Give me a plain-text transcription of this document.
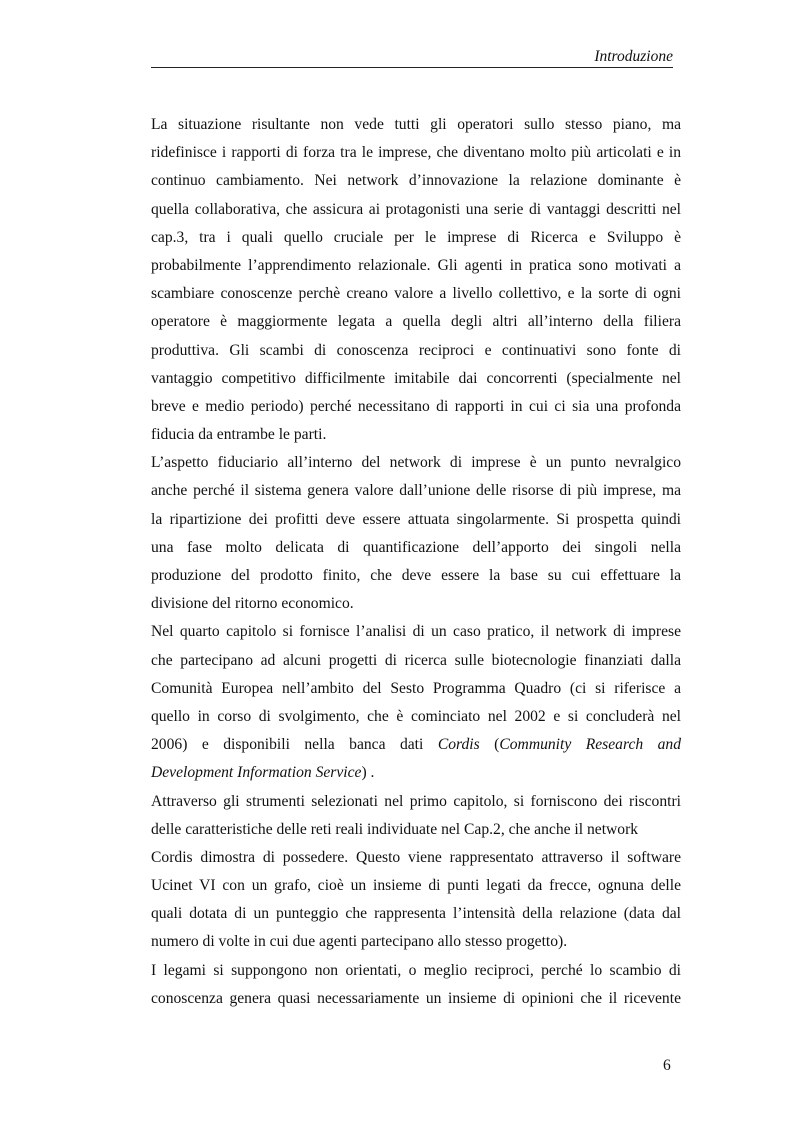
Introduzione
La situazione risultante non vede tutti gli operatori sullo stesso piano, ma
ridefinisce i rapporti di forza tra le imprese, che diventano molto più articolati e in
continuo cambiamento. Nei network d’innovazione la relazione dominante è
quella collaborativa, che assicura ai protagonisti una serie di vantaggi descritti nel
cap.3, tra i quali quello cruciale per le imprese di Ricerca e Sviluppo è
probabilmente l’apprendimento relazionale. Gli agenti in pratica sono motivati a
scambiare conoscenze perchè creano valore a livello collettivo, e la sorte di ogni
operatore è maggiormente legata a quella degli altri all’interno della filiera
produttiva. Gli scambi di conoscenza reciproci e continuativi sono fonte di
vantaggio competitivo difficilmente imitabile dai concorrenti (specialmente nel
breve e medio periodo) perché necessitano di rapporti in cui ci sia una profonda
fiducia da entrambe le parti.
L’aspetto fiduciario all’interno del network di imprese è un punto nevralgico
anche perché il sistema genera valore dall’unione delle risorse di più imprese, ma
la ripartizione dei profitti deve essere attuata singolarmente. Si prospetta quindi
una fase molto delicata di quantificazione dell’apporto dei singoli nella
produzione del prodotto finito, che deve essere la base su cui effettuare la
divisione del ritorno economico.
Nel quarto capitolo si fornisce l’analisi di un caso pratico, il network di imprese
che partecipano ad alcuni progetti di ricerca sulle biotecnologie finanziati dalla
Comunità Europea nell’ambito del Sesto Programma Quadro (ci si riferisce a
quello in corso di svolgimento, che è cominciato nel 2002 e si concluderà nel
2006) e disponibili nella banca dati Cordis (Community Research and
Development Information Service) .
Attraverso gli strumenti selezionati nel primo capitolo, si forniscono dei riscontri
delle caratteristiche delle reti reali individuate nel Cap.2, che anche il network
Cordis dimostra di possedere. Questo viene rappresentato attraverso il software
Ucinet VI con un grafo, cioè un insieme di punti legati da frecce, ognuna delle
quali dotata di un punteggio che rappresenta l’intensità della relazione (data dal
numero di volte in cui due agenti partecipano allo stesso progetto).
I legami si suppongono non orientati, o meglio reciproci, perché lo scambio di
conoscenza genera quasi necessariamente un insieme di opinioni che il ricevente
6
